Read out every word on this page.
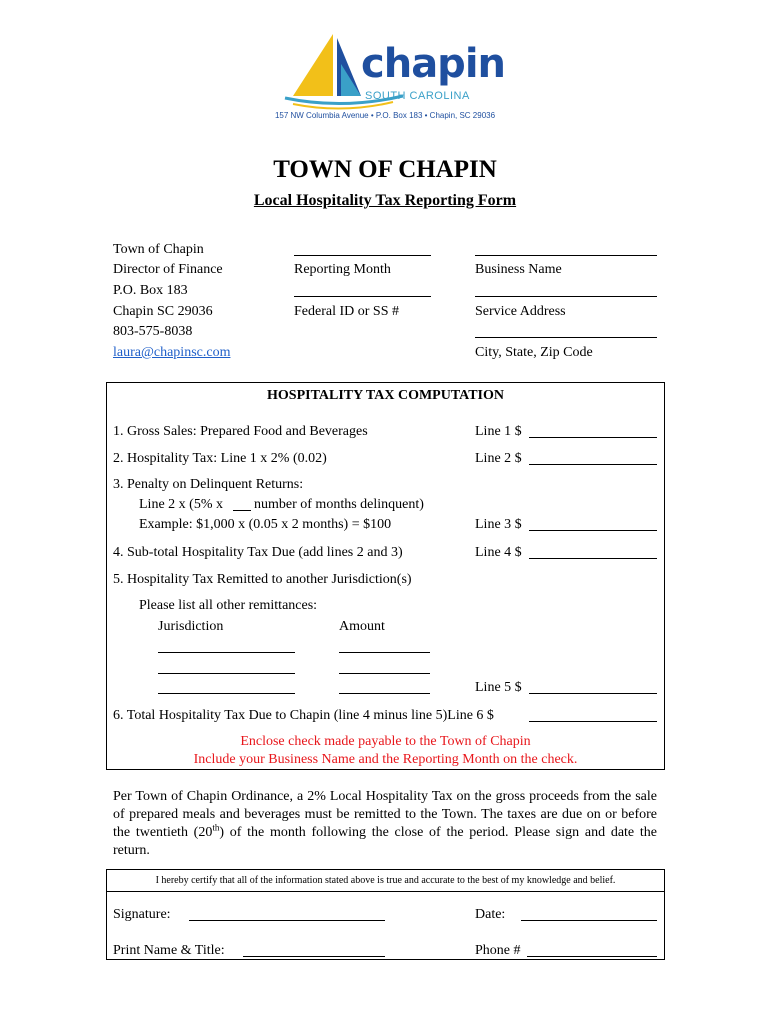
chapin
SOUTH CAROLINA
157 NW Columbia Avenue • P.O. Box 183 • Chapin, SC 29036
TOWN OF CHAPIN
Local Hospitality Tax Reporting Form
Town of Chapin
Director of Finance
P.O. Box 183
Chapin SC 29036
803-575-8038
laura@chapinsc.com
Reporting Month	Business Name
Federal ID or SS #	Service Address
City, State, Zip Code
HOSPITALITY TAX COMPUTATION
1. Gross Sales: Prepared Food and Beverages	Line 1 $
2. Hospitality Tax: Line 1 x 2% (0.02)	Line 2 $
3. Penalty on Delinquent Returns:
Line 2 x (5% x number of months delinquent)
Example: $1,000 x (0.05 x 2 months) = $100	Line 3 $
4. Sub-total Hospitality Tax Due (add lines 2 and 3)	Line 4 $
5. Hospitality Tax Remitted to another Jurisdiction(s)
Please list all other remittances:
Jurisdiction	Amount
Line 5 $
6. Total Hospitality Tax Due to Chapin (line 4 minus line 5)Line 6 $
Enclose check made payable to the Town of Chapin
Include your Business Name and the Reporting Month on the check.
Per Town of Chapin Ordinance, a 2% Local Hospitality Tax on the gross proceeds from the sale of prepared meals and beverages must be remitted to the Town. The taxes are due on or before the twentieth (20th) of the month following the close of the period. Please sign and date the return.
I hereby certify that all of the information stated above is true and accurate to the best of my knowledge and belief.
Signature:	Date:
Print Name & Title:	Phone #
